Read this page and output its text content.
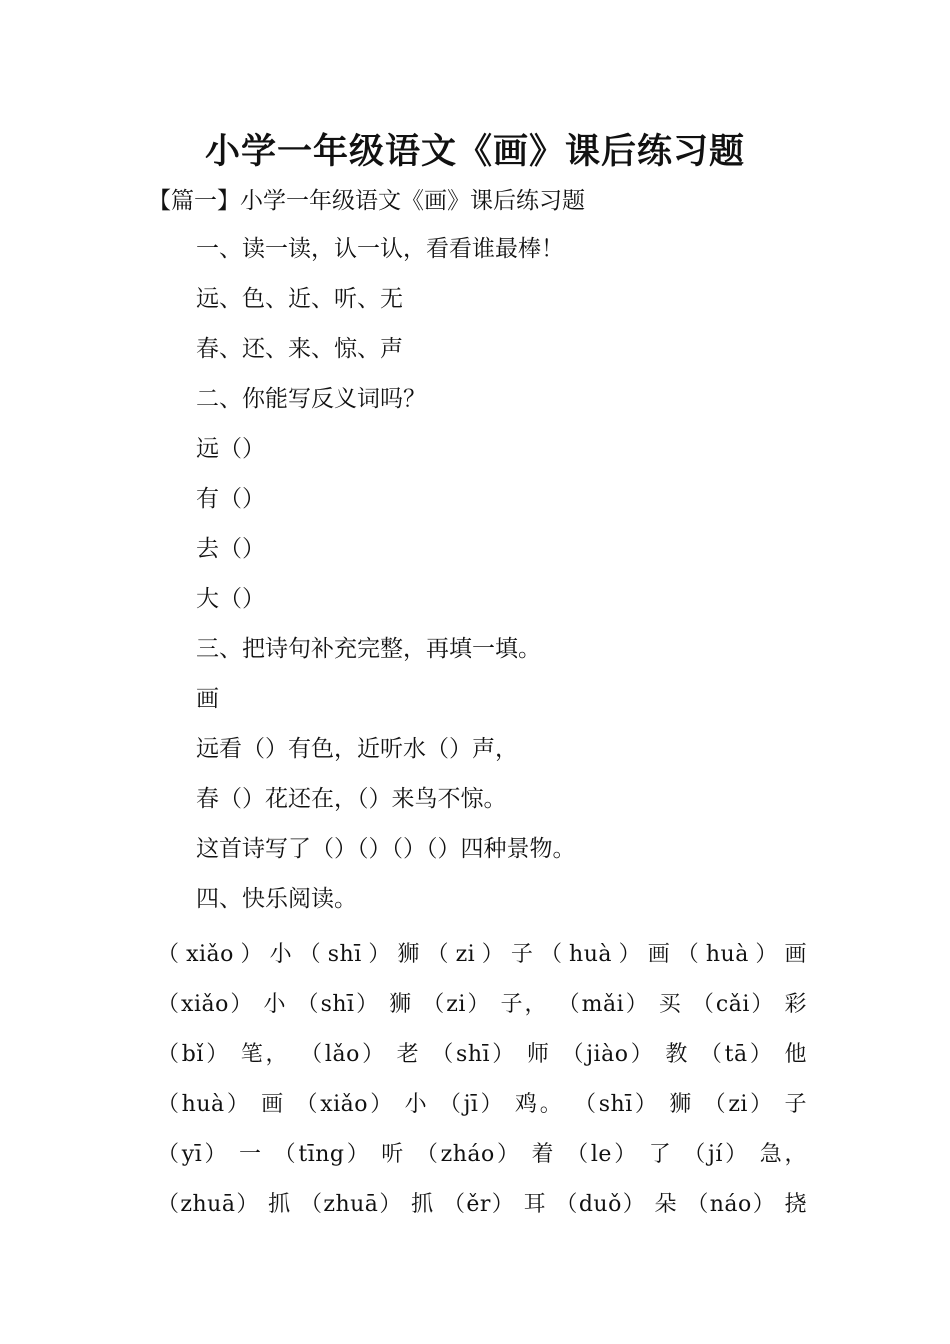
小学一年级语文《画》课后练习题
【篇一】小学一年级语文《画》课后练习题
一、读一读，认一认，看看谁最棒！
远、色、近、听、无
春、还、来、惊、声
二、你能写反义词吗？
远（）
有（）
去（）
大（）
三、把诗句补充完整，再填一填。
画
远看（）有色，近听水（）声，
春（）花还在，（）来鸟不惊。
这首诗写了（）（）（）（）四种景物。
四、快乐阅读。
（xiǎo）小（shī）狮（zi）子（huà）画（huà）画
（xiǎo） 小 （shī） 狮 （zi） 子， （mǎi） 买 （cǎi） 彩
（bǐ） 笔， （lǎo） 老 （shī） 师 （jiào） 教 （tā） 他
（huà） 画 （xiǎo） 小 （jī） 鸡。 （shī） 狮 （zi） 子
（yī） 一 （tīng） 听 （zháo） 着 （le） 了 （jí） 急，
（zhuā） 抓 （zhuā） 抓 （ěr） 耳 （duǒ） 朵 （náo） 挠
